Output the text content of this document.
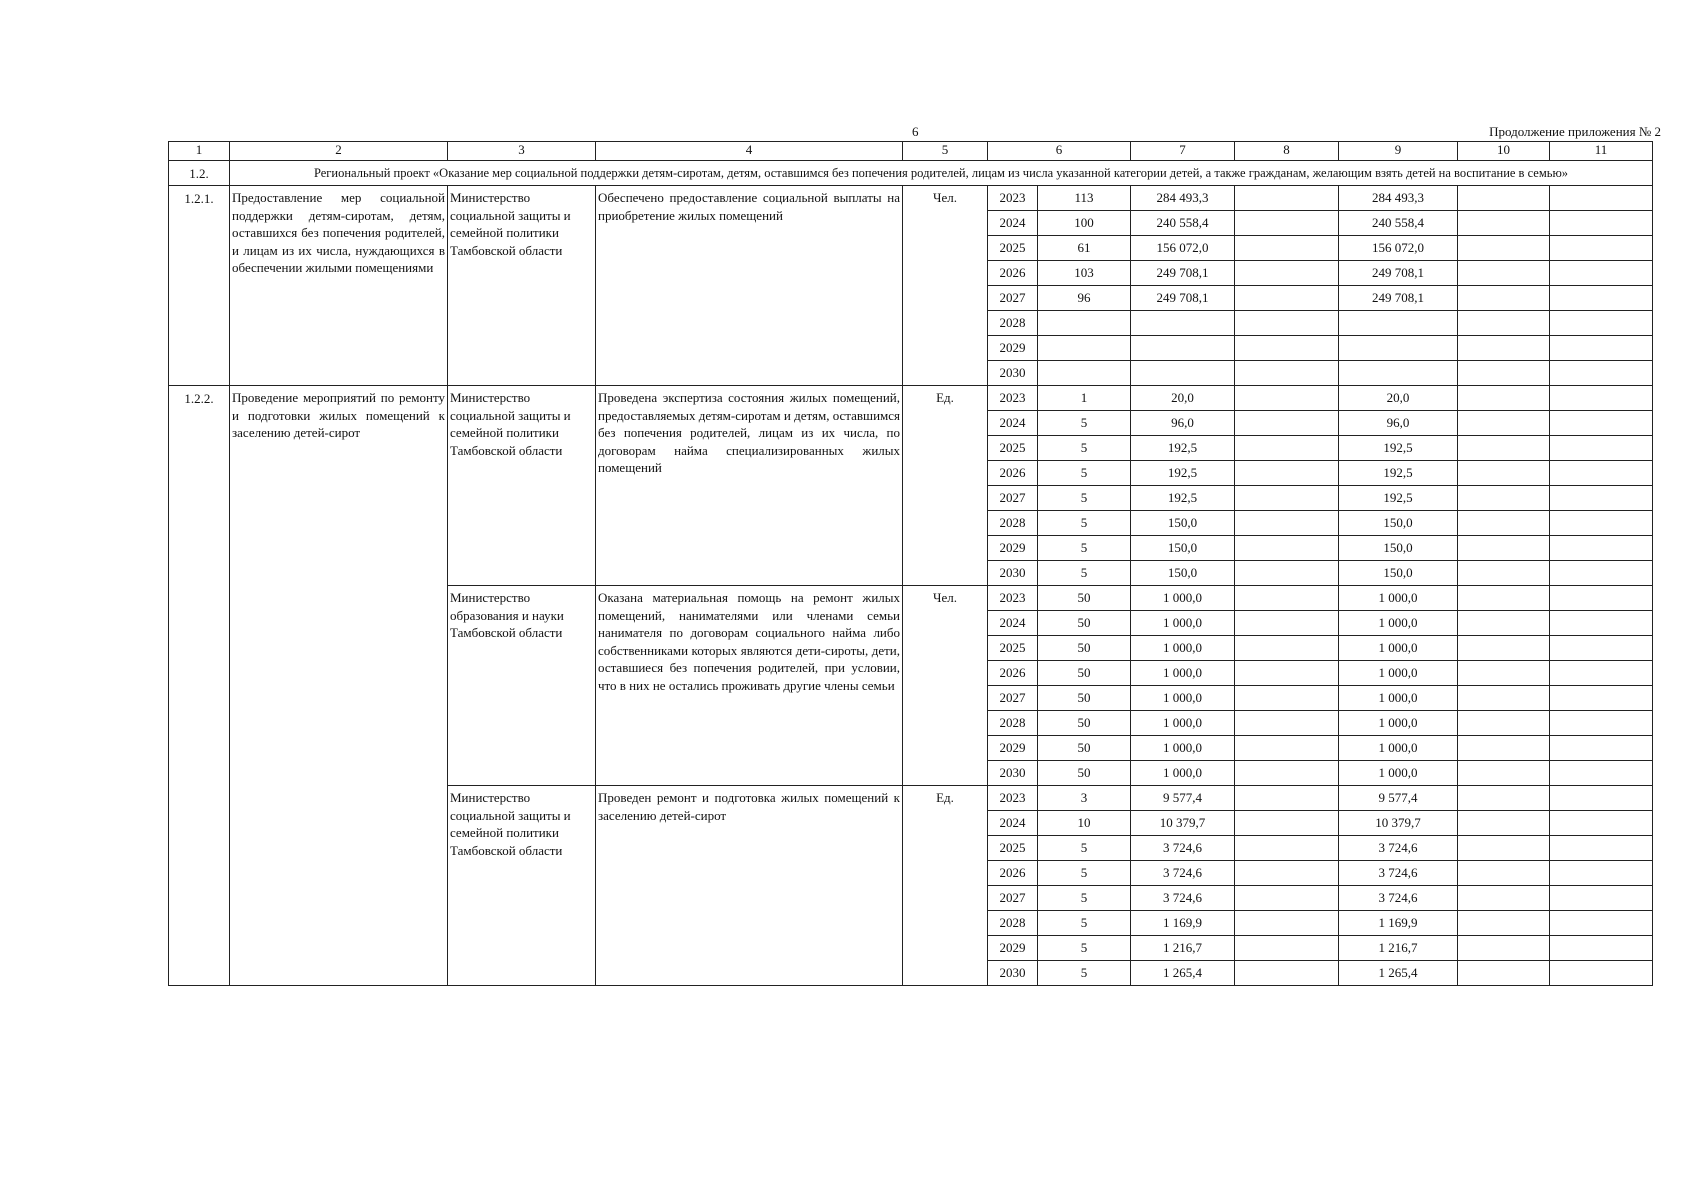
6	Продолжение приложения № 2
1	2	3	4	5	6		7	8	9	10	11
1.2.	Региональный проект «Оказание мер социальной поддержки детям-сиротам, детям, оставшимся без попечения родителей, лицам из числа указанной категории детей, а также гражданам, желающим взять детей на воспитание в семью»										
1.2.1.	Предоставление мер социальной поддержки детям-сиротам, детям, оставшихся без попечения родителей, и лицам из их числа, нуждающихся в обеспечении жилыми помещениями	Министерство социальной защиты и семейной политики Тамбовской области	Обеспечено предоставление социальной выплаты на приобретение жилых помещений	Чел.	2023	113	284 493,3		284 493,3		
					2024	100	240 558,4		240 558,4		
					2025	61	156 072,0		156 072,0		
					2026	103	249 708,1		249 708,1		
					2027	96	249 708,1		249 708,1		
					2028						
					2029						
					2030						
1.2.2.	Проведение мероприятий по ремонту и подготовки жилых помещений к заселению детей-сирот	Министерство социальной защиты и семейной политики Тамбовской области	Проведена экспертиза состояния жилых помещений, предоставляемых детям-сиротам и детям, оставшимся без попечения родителей, лицам из их числа, по договорам найма специализированных жилых помещений	Ед.	2023	1	20,0		20,0		
					2024	5	96,0		96,0		
					2025	5	192,5		192,5		
					2026	5	192,5		192,5		
					2027	5	192,5		192,5		
					2028	5	150,0		150,0		
					2029	5	150,0		150,0		
					2030	5	150,0		150,0		
		Министерство образования и науки Тамбовской области	Оказана материальная помощь на ремонт жилых помещений, нанимателями или членами семьи нанимателя по договорам социального найма либо собственниками которых являются дети-сироты, дети, оставшиеся без попечения родителей, при условии, что в них не остались проживать другие члены семьи	Чел.	2023	50	1 000,0		1 000,0		
					2024	50	1 000,0		1 000,0		
					2025	50	1 000,0		1 000,0		
					2026	50	1 000,0		1 000,0		
					2027	50	1 000,0		1 000,0		
					2028	50	1 000,0		1 000,0		
					2029	50	1 000,0		1 000,0		
					2030	50	1 000,0		1 000,0		
		Министерство социальной защиты и семейной политики Тамбовской области	Проведен ремонт и подготовка жилых помещений к заселению детей-сирот	Ед.	2023	3	9 577,4		9 577,4		
					2024	10	10 379,7		10 379,7		
					2025	5	3 724,6		3 724,6		
					2026	5	3 724,6		3 724,6		
					2027	5	3 724,6		3 724,6		
					2028	5	1 169,9		1 169,9		
					2029	5	1 216,7		1 216,7		
					2030	5	1 265,4		1 265,4		
